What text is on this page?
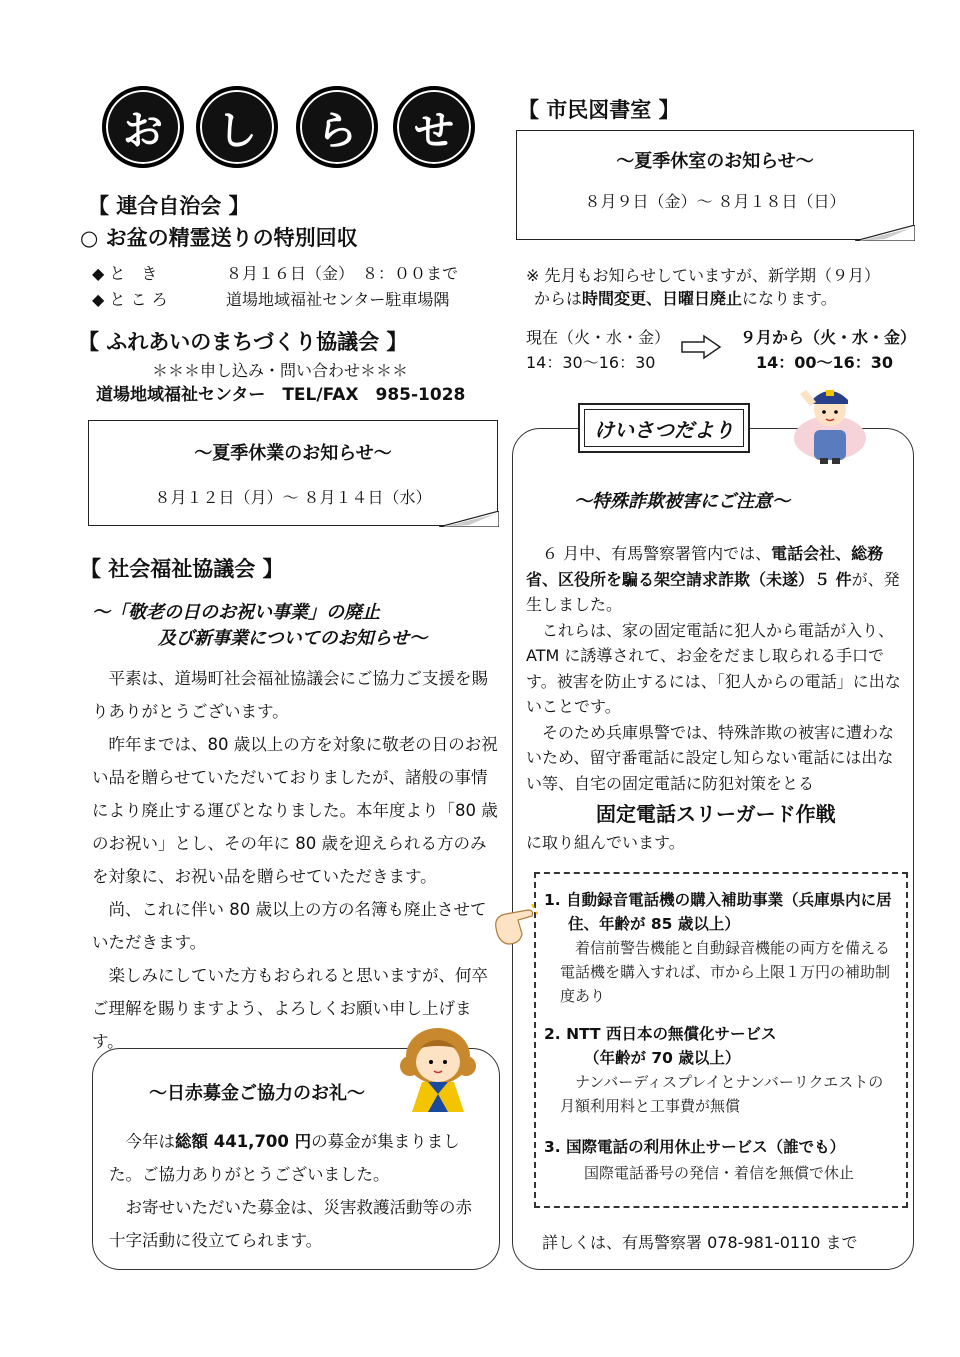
お	し	ら	せ
【 連合自治会 】
○ お盆の精霊送りの特別回収
◆ と　き	８月１６日（金）　８：００まで
◆ と こ ろ	道場地域福祉センター駐車場隅
【 ふれあいのまちづくり協議会 】
＊＊＊申し込み・問い合わせ＊＊＊
道場地域福祉センター　TEL/FAX　985-1028
～夏季休業のお知らせ～
８月１２日（月）～ ８月１４日（水）
【 社会福祉協議会 】
～「敬老の日のお祝い事業」の廃止
及び新事業についてのお知らせ～
平素は、道場町社会福祉協議会にご協力ご支援を賜りありがとうございます。
昨年までは、80 歳以上の方を対象に敬老の日のお祝い品を贈らせていただいておりましたが、諸般の事情により廃止する運びとなりました。本年度より「80 歳のお祝い」とし、その年に 80 歳を迎えられる方のみを対象に、お祝い品を贈らせていただきます。
尚、これに伴い 80 歳以上の方の名簿も廃止させていただきます。
楽しみにしていた方もおられると思いますが、何卒ご理解を賜りますよう、よろしくお願い申し上げます。
～日赤募金ご協力のお礼～
今年は総額 441,700 円の募金が集まりました。ご協力ありがとうございました。
お寄せいただいた募金は、災害救護活動等の赤十字活動に役立てられます。
【 市民図書室 】
～夏季休室のお知らせ～
８月９日（金）～ ８月１８日（日）
※ 先月もお知らせしていますが、新学期（９月）
からは時間変更、日曜日廃止になります。
現在（火・水・金）
14：30～16：30
９月から（火・水・金）
14：00～16：30
けいさつだより
～特殊詐欺被害にご注意～
６ 月中、有馬警察署管内では、電話会社、総務省、区役所を騙る架空請求詐欺（未遂）５ 件が、発生しました。
これらは、家の固定電話に犯人から電話が入り、ATM に誘導されて、お金をだまし取られる手口です。被害を防止するには、「犯人からの電話」に出ないことです。
そのため兵庫県警では、特殊詐欺の被害に遭わないため、留守番電話に設定し知らない電話には出ない等、自宅の固定電話に防犯対策をとる
固定電話スリーガード作戦
に取り組んでいます。
1. 自動録音電話機の購入補助事業（兵庫県内に居住、年齢が 85 歳以上）
着信前警告機能と自動録音機能の両方を備える電話機を購入すれば、市から上限１万円の補助制度あり
2. NTT 西日本の無償化サービス
（年齢が 70 歳以上）
ナンバーディスプレイとナンバーリクエストの月額利用料と工事費が無償
3. 国際電話の利用休止サービス（誰でも）
国際電話番号の発信・着信を無償で休止
詳しくは、有馬警察署 078-981-0110 まで
